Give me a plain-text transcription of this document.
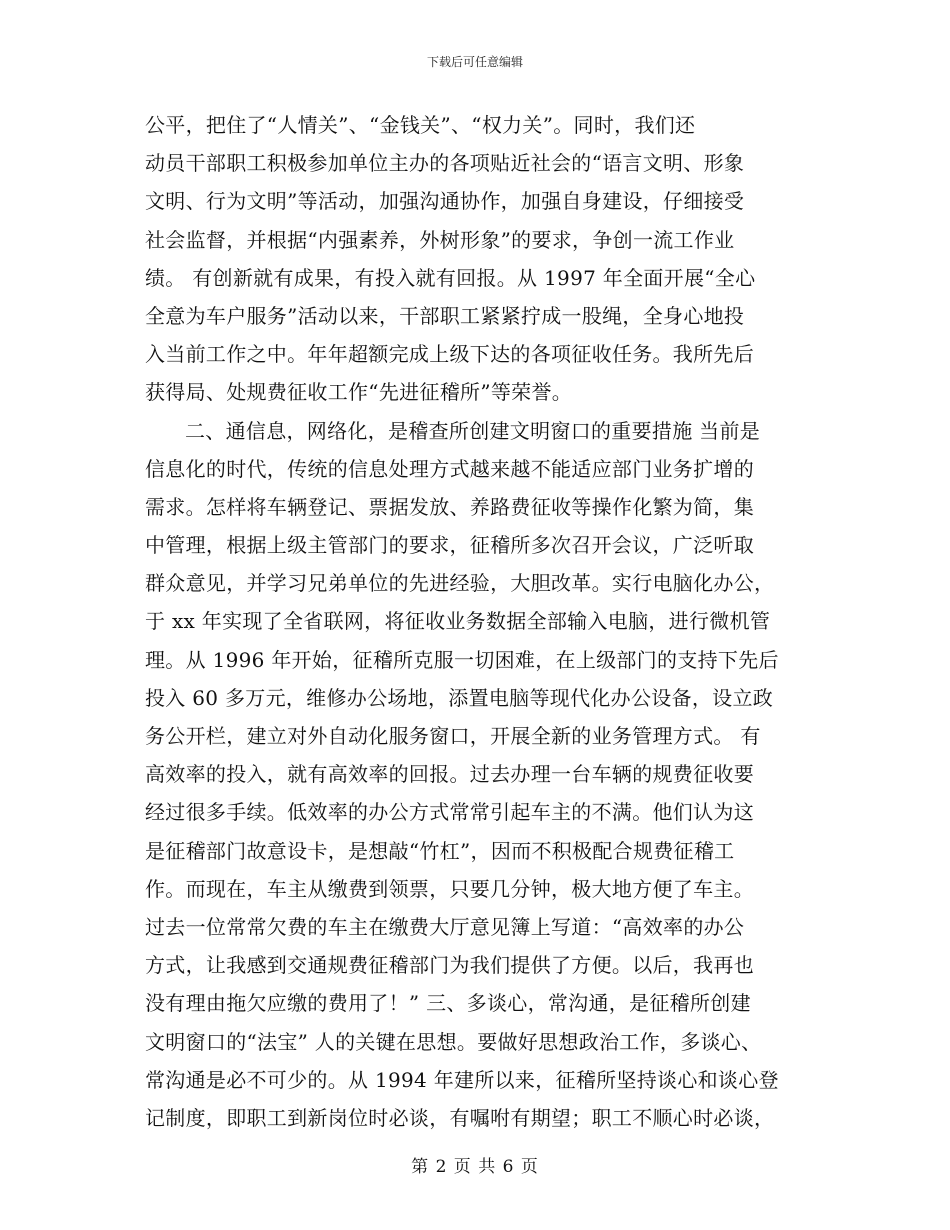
下载后可任意编辑
公平，把住了“人情关”、“金钱关”、“权力关”。同时，我们还
动员干部职工积极参加单位主办的各项贴近社会的“语言文明、形象
文明、行为文明”等活动，加强沟通协作，加强自身建设，仔细接受
社会监督，并根据“内强素养，外树形象”的要求，争创一流工作业
绩。 有创新就有成果，有投入就有回报。从 1997 年全面开展“全心
全意为车户服务”活动以来，干部职工紧紧拧成一股绳，全身心地投
入当前工作之中。年年超额完成上级下达的各项征收任务。我所先后
获得局、处规费征收工作“先进征稽所”等荣誉。
二、通信息，网络化，是稽查所创建文明窗口的重要措施 当前是
信息化的时代，传统的信息处理方式越来越不能适应部门业务扩增的
需求。怎样将车辆登记、票据发放、养路费征收等操作化繁为简，集
中管理，根据上级主管部门的要求，征稽所多次召开会议，广泛听取
群众意见，并学习兄弟单位的先进经验，大胆改革。实行电脑化办公，
于 xx 年实现了全省联网，将征收业务数据全部输入电脑，进行微机管
理。从 1996 年开始，征稽所克服一切困难，在上级部门的支持下先后
投入 60 多万元，维修办公场地，添置电脑等现代化办公设备，设立政
务公开栏，建立对外自动化服务窗口，开展全新的业务管理方式。 有
高效率的投入，就有高效率的回报。过去办理一台车辆的规费征收要
经过很多手续。低效率的办公方式常常引起车主的不满。他们认为这
是征稽部门故意设卡，是想敲“竹杠”，因而不积极配合规费征稽工
作。而现在，车主从缴费到领票，只要几分钟，极大地方便了车主。
过去一位常常欠费的车主在缴费大厅意见簿上写道：“高效率的办公
方式，让我感到交通规费征稽部门为我们提供了方便。以后，我再也
没有理由拖欠应缴的费用了！” 三、多谈心，常沟通，是征稽所创建
文明窗口的“法宝” 人的关键在思想。要做好思想政治工作，多谈心、
常沟通是必不可少的。从 1994 年建所以来，征稽所坚持谈心和谈心登
记制度，即职工到新岗位时必谈，有嘱咐有期望；职工不顺心时必谈，
第 2 页 共 6 页
